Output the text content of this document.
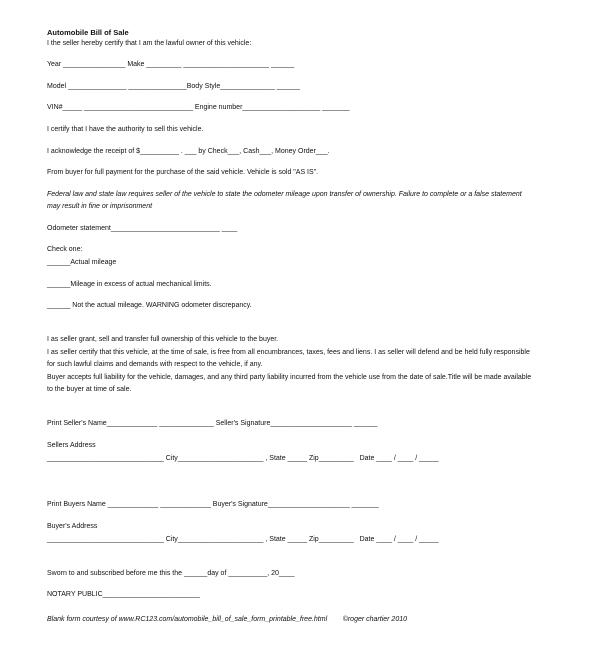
Automobile Bill of Sale
I the seller hereby certify that I am the lawful owner of this vehicle:
Year ________________ Make _________ ______________________ ______
Model _______________ _______________Body Style______________ ______
VIN#_____ ____________________________ Engine number____________________ _______
I certify that I have the authority to sell this vehicle.
I acknowledge the receipt of $__________ . ___ by Check___, Cash___, Money Order___.
From buyer for full payment for the purchase of the said vehicle. Vehicle is sold "AS IS".
Federal law and state law requires seller of the vehicle to state the odometer mileage upon transfer of ownership. Failure to complete or a false statement
may result in fine or imprisonment
Odometer statement____________________________ ____
Check one:
______Actual mileage
______Mileage in excess of actual mechanical limits.
______ Not the actual mileage. WARNING odometer discrepancy.
I as seller grant, sell and transfer full ownership of this vehicle to the buyer.
I as seller certify that this vehicle, at the time of sale, is free from all encumbrances, taxes, fees and liens. I as seller will defend and be held fully responsible
for such lawful claims and demands with respect to the vehicle, if any.
Buyer accepts full liability for the vehicle, damages, and any third party liability incurred from the vehicle use from the date of sale.Title will be made available
to the buyer at time of sale.
Print Seller's Name_____________ ______________ Seller's Signature_____________________ ______
Sellers Address
______________________________ City______________________ , State _____ Zip_________   Date ____ / ____ / _____
Print Buyers Name _____________ _____________ Buyer's Signature_____________________ _______
Buyer's Address
______________________________ City______________________ , State _____ Zip_________   Date ____ / ____ / _____
Sworn to and subscribed before me this the ______day of __________, 20____
NOTARY PUBLIC_________________________
Blank form courtesy of www.RC123.com/automobile_bill_of_sale_form_printable_free.html        ©roger chartier 2010
